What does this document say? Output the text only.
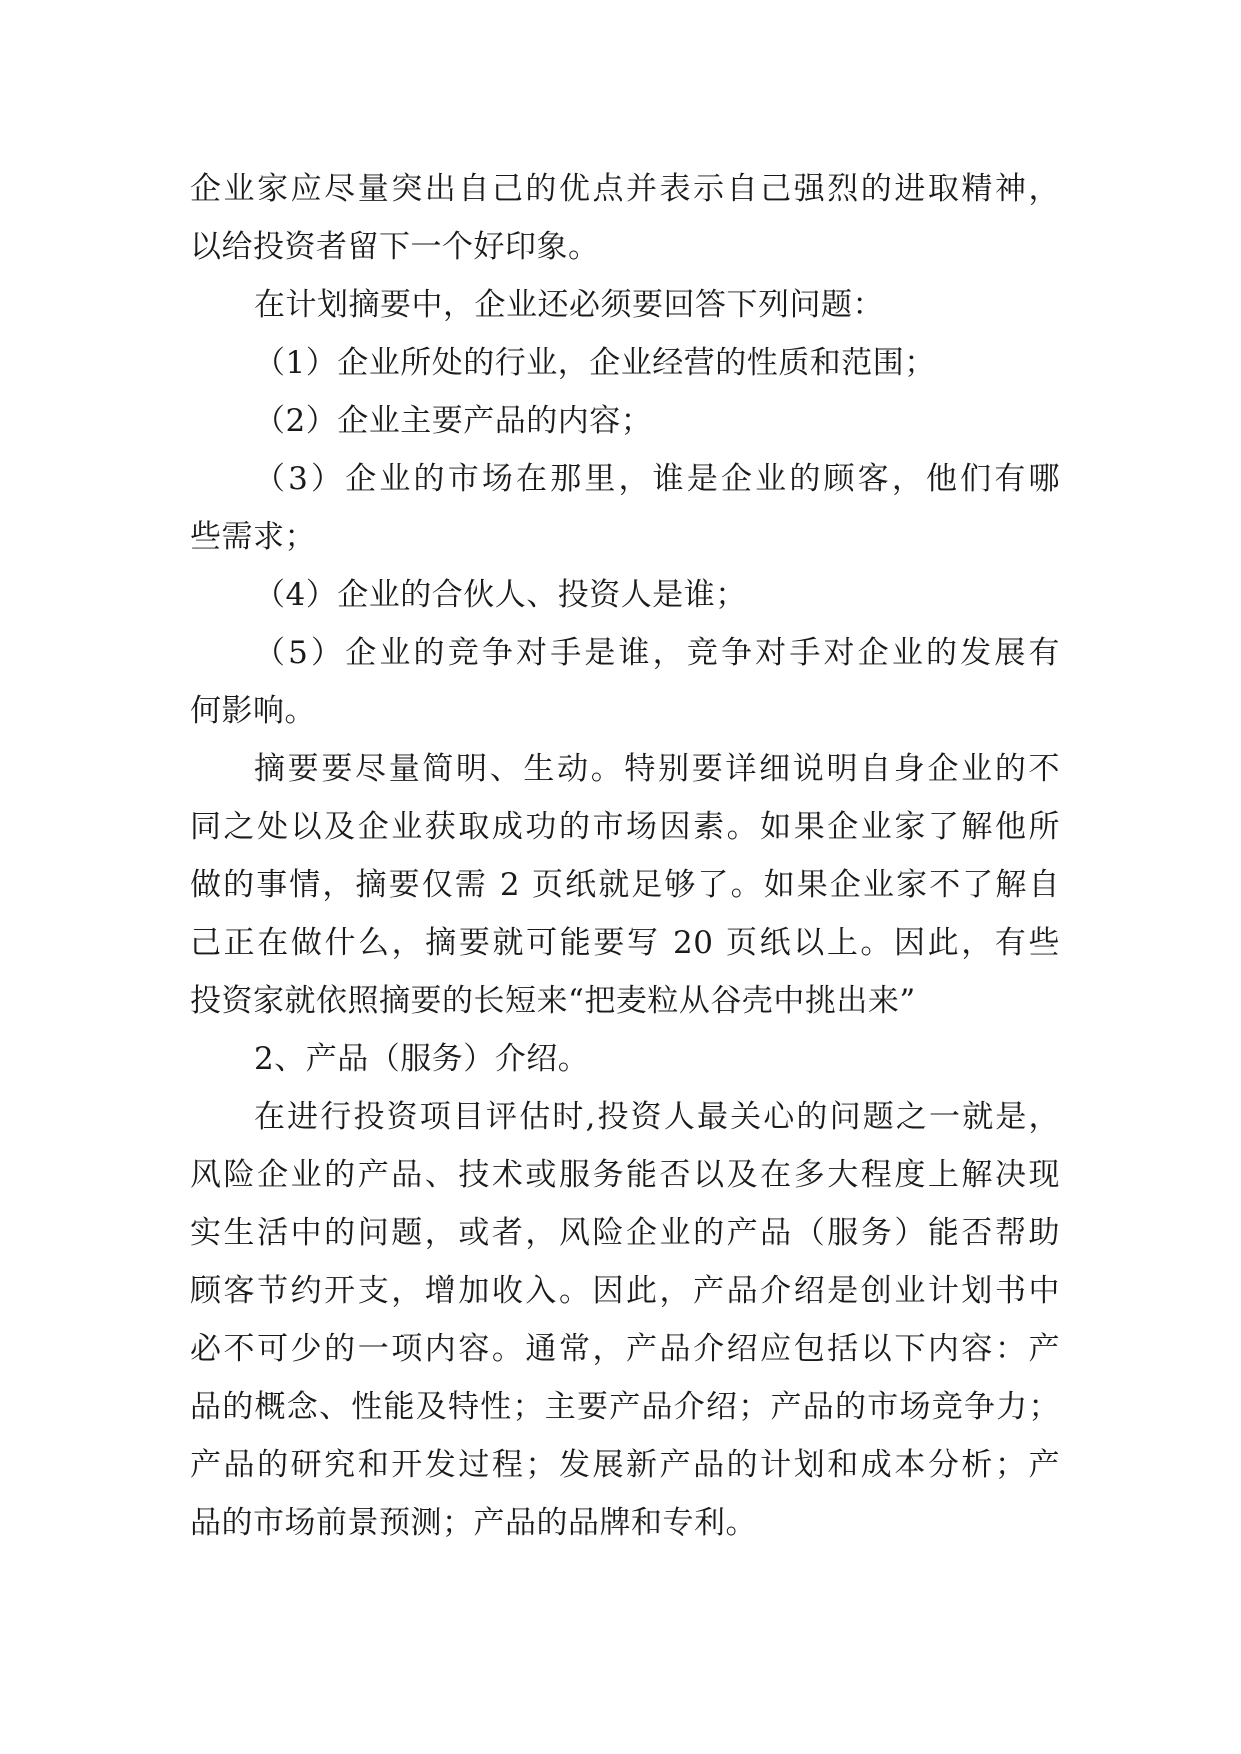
企业家应尽量突出自己的优点并表示自己强烈的进取精神，
以给投资者留下一个好印象。
在计划摘要中，企业还必须要回答下列问题：
（1）企业所处的行业，企业经营的性质和范围；
（2）企业主要产品的内容；
（3）企业的市场在那里，谁是企业的顾客，他们有哪
些需求；
（4）企业的合伙人、投资人是谁；
（5）企业的竞争对手是谁，竞争对手对企业的发展有
何影响。
摘要要尽量简明、生动。特别要详细说明自身企业的不
同之处以及企业获取成功的市场因素。如果企业家了解他所
做的事情，摘要仅需 2 页纸就足够了。如果企业家不了解自
己正在做什么，摘要就可能要写 20 页纸以上。因此，有些
投资家就依照摘要的长短来“把麦粒从谷壳中挑出来”
2、产品（服务）介绍。
在进行投资项目评估时,投资人最关心的问题之一就是，
风险企业的产品、技术或服务能否以及在多大程度上解决现
实生活中的问题，或者，风险企业的产品（服务）能否帮助
顾客节约开支，增加收入。因此，产品介绍是创业计划书中
必不可少的一项内容。通常，产品介绍应包括以下内容：产
品的概念、性能及特性；主要产品介绍；产品的市场竞争力；
产品的研究和开发过程；发展新产品的计划和成本分析；产
品的市场前景预测；产品的品牌和专利。
